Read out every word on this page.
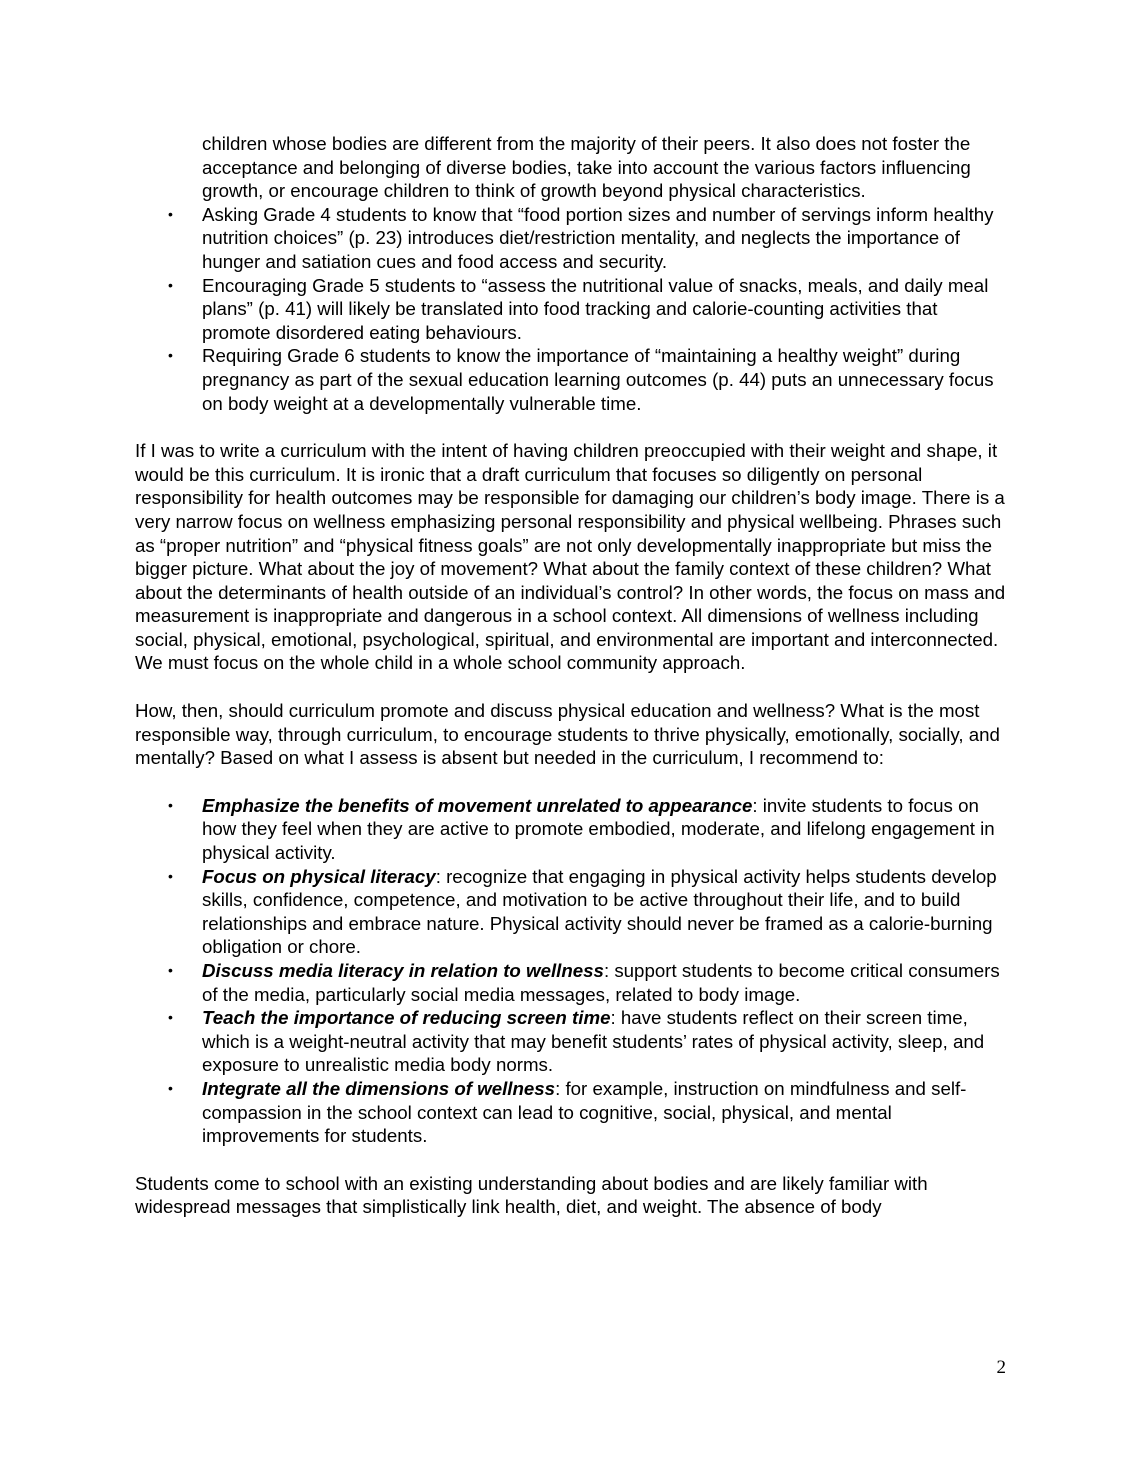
children whose bodies are different from the majority of their peers. It also does not foster the acceptance and belonging of diverse bodies, take into account the various factors influencing growth, or encourage children to think of growth beyond physical characteristics.
• Asking Grade 4 students to know that “food portion sizes and number of servings inform healthy nutrition choices” (p. 23) introduces diet/restriction mentality, and neglects the importance of hunger and satiation cues and food access and security.
• Encouraging Grade 5 students to “assess the nutritional value of snacks, meals, and daily meal plans” (p. 41) will likely be translated into food tracking and calorie-counting activities that promote disordered eating behaviours.
• Requiring Grade 6 students to know the importance of “maintaining a healthy weight” during pregnancy as part of the sexual education learning outcomes (p. 44) puts an unnecessary focus on body weight at a developmentally vulnerable time.

If I was to write a curriculum with the intent of having children preoccupied with their weight and shape, it would be this curriculum. It is ironic that a draft curriculum that focuses so diligently on personal responsibility for health outcomes may be responsible for damaging our children’s body image. There is a very narrow focus on wellness emphasizing personal responsibility and physical wellbeing. Phrases such as “proper nutrition” and “physical fitness goals” are not only developmentally inappropriate but miss the bigger picture. What about the joy of movement? What about the family context of these children? What about the determinants of health outside of an individual’s control? In other words, the focus on mass and measurement is inappropriate and dangerous in a school context. All dimensions of wellness including social, physical, emotional, psychological, spiritual, and environmental are important and interconnected. We must focus on the whole child in a whole school community approach.

How, then, should curriculum promote and discuss physical education and wellness? What is the most responsible way, through curriculum, to encourage students to thrive physically, emotionally, socially, and mentally? Based on what I assess is absent but needed in the curriculum, I recommend to:

• Emphasize the benefits of movement unrelated to appearance: invite students to focus on how they feel when they are active to promote embodied, moderate, and lifelong engagement in physical activity.
• Focus on physical literacy: recognize that engaging in physical activity helps students develop skills, confidence, competence, and motivation to be active throughout their life, and to build relationships and embrace nature. Physical activity should never be framed as a calorie-burning obligation or chore.
• Discuss media literacy in relation to wellness: support students to become critical consumers of the media, particularly social media messages, related to body image.
• Teach the importance of reducing screen time: have students reflect on their screen time, which is a weight-neutral activity that may benefit students’ rates of physical activity, sleep, and exposure to unrealistic media body norms.
• Integrate all the dimensions of wellness: for example, instruction on mindfulness and self-compassion in the school context can lead to cognitive, social, physical, and mental improvements for students.

Students come to school with an existing understanding about bodies and are likely familiar with widespread messages that simplistically link health, diet, and weight. The absence of body

2
